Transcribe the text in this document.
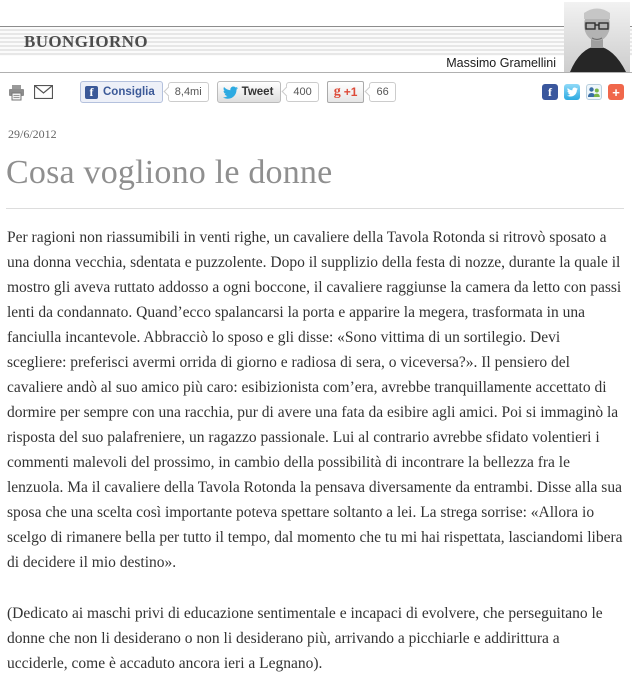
BUONGIORNO
Massimo Gramellini
f Consiglia 8,4mi	Tweet 400 g +1 66	f	+
29/6/2012
Cosa vogliono le donne

Per ragioni non riassumibili in venti righe, un cavaliere della Tavola Rotonda si ritrovò sposato a una donna vecchia, sdentata e puzzolente. Dopo il supplizio della festa di nozze, durante la quale il mostro gli aveva ruttato addosso a ogni boccone, il cavaliere raggiunse la camera da letto con passi lenti da condannato. Quand’ecco spalancarsi la porta e apparire la megera, trasformata in una fanciulla incantevole. Abbracciò lo sposo e gli disse: «Sono vittima di un sortilegio. Devi scegliere: preferisci avermi orrida di giorno e radiosa di sera, o viceversa?». Il pensiero del cavaliere andò al suo amico più caro: esibizionista com’era, avrebbe tranquillamente accettato di dormire per sempre con una racchia, pur di avere una fata da esibire agli amici. Poi si immaginò la risposta del suo palafreniere, un ragazzo passionale. Lui al contrario avrebbe sfidato volentieri i commenti malevoli del prossimo, in cambio della possibilità di incontrare la bellezza fra le lenzuola. Ma il cavaliere della Tavola Rotonda la pensava diversamente da entrambi. Disse alla sua sposa che una scelta così importante poteva spettare soltanto a lei. La strega sorrise: «Allora io scelgo di rimanere bella per tutto il tempo, dal momento che tu mi hai rispettata, lasciandomi libera di decidere il mio destino».

(Dedicato ai maschi privi di educazione sentimentale e incapaci di evolvere, che perseguitano le donne che non li desiderano o non li desiderano più, arrivando a picchiarle e addirittura a ucciderle, come è accaduto ancora ieri a Legnano).
